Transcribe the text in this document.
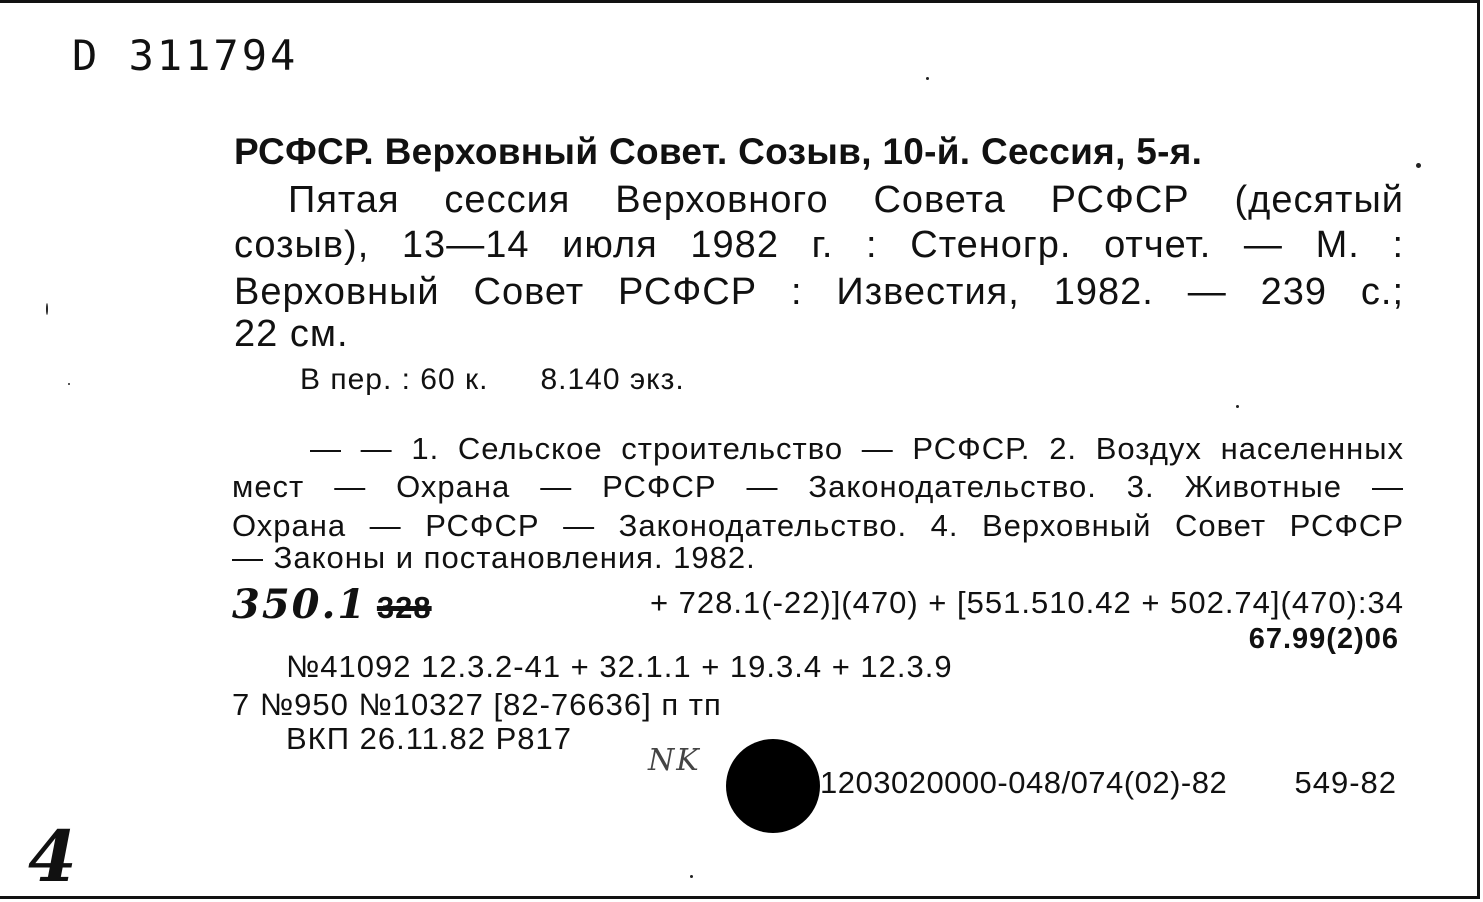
D 311794
РСФСР. Верховный Совет. Созыв, 10-й. Сессия, 5-я.
Пятая сессия Верховного Совета РСФСР (десятый
созыв), 13—14 июля 1982 г. : Стеногр. отчет. — М. :
Верховный Совет РСФСР : Известия, 1982. — 239 с.;
22 см.
В пер. : 60 к. 8.140 экз.
— — 1. Сельское строительство — РСФСР. 2. Воздух населенных
мест — Охрана — РСФСР — Законодательство. 3. Животные —
Охрана — РСФСР — Законодательство. 4. Верховный Совет РСФСР
— Законы и постановления. 1982.
350.1 328	+ 728.1(-22)](470) + [551.510.42 + 502.74](470):34
67.99(2)06
№41092 12.3.2-41 + 32.1.1 + 19.3.4 + 12.3.9
7 №950 №10327 [82-76636] п тп
ВКП 26.11.82 Р817
NK
1203020000-048/074(02)-82 549-82
4
